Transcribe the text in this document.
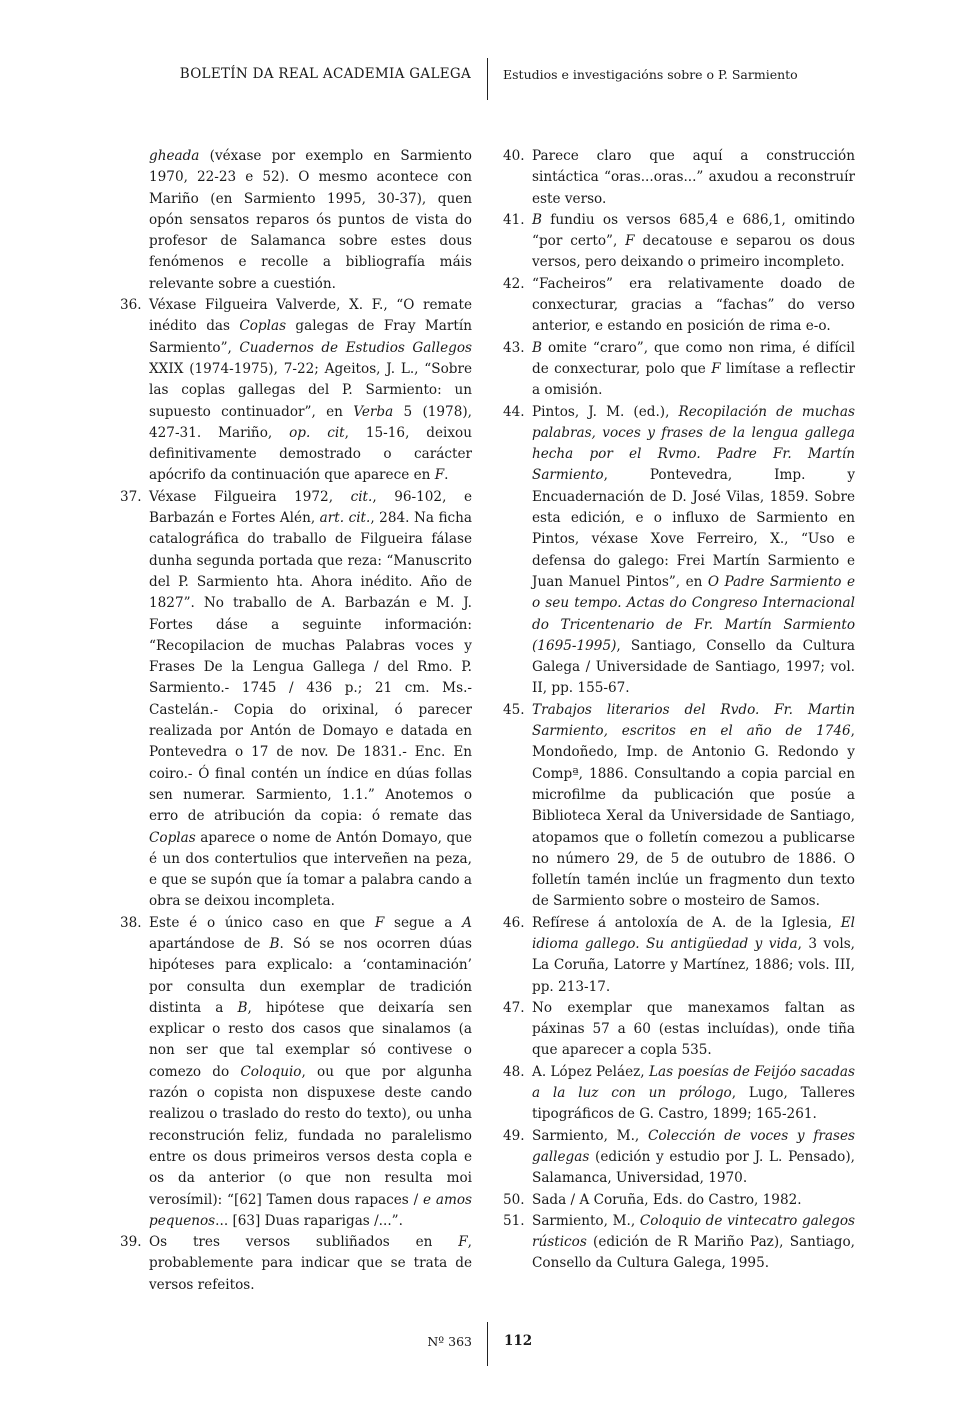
BOLETÍN DA REAL ACADEMIA GALEGA	Estudios e investigacións sobre o P. Sarmiento
gheada (véxase por exemplo en Sarmiento 1970, 22-23 e 52). O mesmo acontece con Mariño (en Sarmiento 1995, 30-37), quen opón sensatos reparos ós puntos de vista do profesor de Salamanca sobre estes dous fenómenos e recolle a bibliografía máis relevante sobre a cuestión.
36. Véxase Filgueira Valverde, X. F., “O remate inédito das Coplas galegas de Fray Martín Sarmiento”, Cuadernos de Estudios Gallegos XXIX (1974-1975), 7-22; Ageitos, J. L., “Sobre las coplas gallegas del P. Sarmiento: un supuesto continuador”, en Verba 5 (1978), 427-31. Mariño, op. cit, 15-16, deixou definitivamente demostrado o carácter apócrifo da continuación que aparece en F.
37. Véxase Filgueira 1972, cit., 96-102, e Barbazán e Fortes Alén, art. cit., 284. Na ficha catalográfica do traballo de Filgueira fálase dunha segunda portada que reza: “Manuscrito del P. Sarmiento hta. Ahora inédito. Año de 1827”. No traballo de A. Barbazán e M. J. Fortes dáse a seguinte información: “Recopilacion de muchas Palabras voces y Frases De la Lengua Gallega / del Rmo. P. Sarmiento.- 1745 / 436 p.; 21 cm. Ms.-Castelán.- Copia do orixinal, ó parecer realizada por Antón de Domayo e datada en Pontevedra o 17 de nov. De 1831.- Enc. En coiro.- Ó final contén un índice en dúas follas sen numerar. Sarmiento, 1.1.” Anotemos o erro de atribución da copia: ó remate das Coplas aparece o nome de Antón Domayo, que é un dos contertulios que interveñen na peza, e que se supón que ía tomar a palabra cando a obra se deixou incompleta.
38. Este é o único caso en que F segue a A apartándose de B. Só se nos ocorren dúas hipóteses para explicalo: a ‘contaminación’ por consulta dun exemplar de tradición distinta a B, hipótese que deixaría sen explicar o resto dos casos que sinalamos (a non ser que tal exemplar só contivese o comezo do Coloquio, ou que por algunha razón o copista non dispuxese deste cando realizou o traslado do resto do texto), ou unha reconstrución feliz, fundada no paralelismo entre os dous primeiros versos desta copla e os da anterior (o que non resulta moi verosímil): “[62] Tamen dous rapaces / e amos pequenos... [63] Duas raparigas /...”.
39. Os tres versos subliñados en F, probablemente para indicar que se trata de versos refeitos.
40. Parece claro que aquí a construcción sintáctica “oras...oras...” axudou a reconstruír este verso.
41. B fundiu os versos 685,4 e 686,1, omitindo “por certo”, F decatouse e separou os dous versos, pero deixando o primeiro incompleto.
42. “Facheiros” era relativamente doado de conxecturar, gracias a “fachas” do verso anterior, e estando en posición de rima e-o.
43. B omite “craro”, que como non rima, é difícil de conxecturar, polo que F limítase a reflectir a omisión.
44. Pintos, J. M. (ed.), Recopilación de muchas palabras, voces y frases de la lengua gallega hecha por el Rvmo. Padre Fr. Martín Sarmiento, Pontevedra, Imp. y Encuadernación de D. José Vilas, 1859. Sobre esta edición, e o influxo de Sarmiento en Pintos, véxase Xove Ferreiro, X., “Uso e defensa do galego: Frei Martín Sarmiento e Juan Manuel Pintos”, en O Padre Sarmiento e o seu tempo. Actas do Congreso Internacional do Tricentenario de Fr. Martín Sarmiento (1695-1995), Santiago, Consello da Cultura Galega / Universidade de Santiago, 1997; vol. II, pp. 155-67.
45. Trabajos literarios del Rvdo. Fr. Martin Sarmiento, escritos en el año de 1746, Mondoñedo, Imp. de Antonio G. Redondo y Compª, 1886. Consultando a copia parcial en microfilme da publicación que posúe a Biblioteca Xeral da Universidade de Santiago, atopamos que o folletín comezou a publicarse no número 29, de 5 de outubro de 1886. O folletín tamén inclúe un fragmento dun texto de Sarmiento sobre o mosteiro de Samos.
46. Refírese á antoloxía de A. de la Iglesia, El idioma gallego. Su antigüedad y vida, 3 vols, La Coruña, Latorre y Martínez, 1886; vols. III, pp. 213-17.
47. No exemplar que manexamos faltan as páxinas 57 a 60 (estas incluídas), onde tiña que aparecer a copla 535.
48. A. López Peláez, Las poesías de Feijóo sacadas a la luz con un prólogo, Lugo, Talleres tipográficos de G. Castro, 1899; 165-261.
49. Sarmiento, M., Colección de voces y frases gallegas (edición y estudio por J. L. Pensado), Salamanca, Universidad, 1970.
50. Sada / A Coruña, Eds. do Castro, 1982.
51. Sarmiento, M., Coloquio de vintecatro galegos rústicos (edición de R Mariño Paz), Santiago, Consello da Cultura Galega, 1995.
Nº 363 112
